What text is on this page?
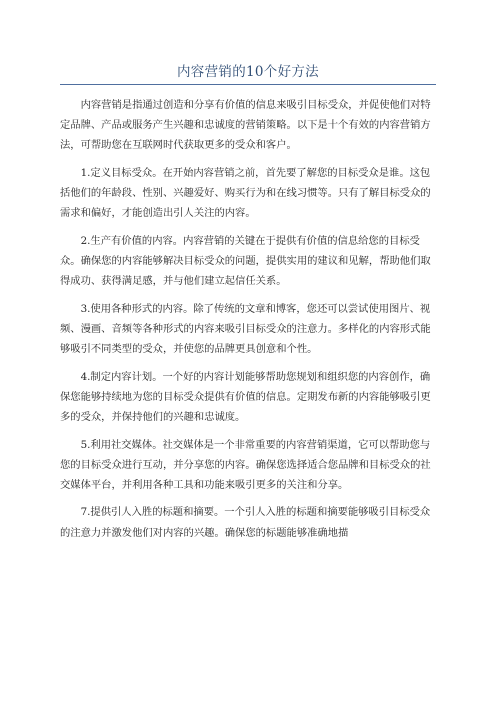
内容营销的10个好方法

内容营销是指通过创造和分享有价值的信息来吸引目标受众，并促使他们对特定品牌、产品或服务产生兴趣和忠诚度的营销策略。以下是十个有效的内容营销方法，可帮助您在互联网时代获取更多的受众和客户。

1.定义目标受众。在开始内容营销之前，首先要了解您的目标受众是谁。这包括他们的年龄段、性别、兴趣爱好、购买行为和在线习惯等。只有了解目标受众的需求和偏好，才能创造出引人关注的内容。

2.生产有价值的内容。内容营销的关键在于提供有价值的信息给您的目标受众。确保您的内容能够解决目标受众的问题，提供实用的建议和见解，帮助他们取得成功、获得满足感，并与他们建立起信任关系。

3.使用各种形式的内容。除了传统的文章和博客，您还可以尝试使用图片、视频、漫画、音频等各种形式的内容来吸引目标受众的注意力。多样化的内容形式能够吸引不同类型的受众，并使您的品牌更具创意和个性。

4.制定内容计划。一个好的内容计划能够帮助您规划和组织您的内容创作，确保您能够持续地为您的目标受众提供有价值的信息。定期发布新的内容能够吸引更多的受众，并保持他们的兴趣和忠诚度。

5.利用社交媒体。社交媒体是一个非常重要的内容营销渠道，它可以帮助您与您的目标受众进行互动，并分享您的内容。确保您选择适合您品牌和目标受众的社交媒体平台，并利用各种工具和功能来吸引更多的关注和分享。

7.提供引人入胜的标题和摘要。一个引人入胜的标题和摘要能够吸引目标受众的注意力并激发他们对内容的兴趣。确保您的标题能够准确地描
